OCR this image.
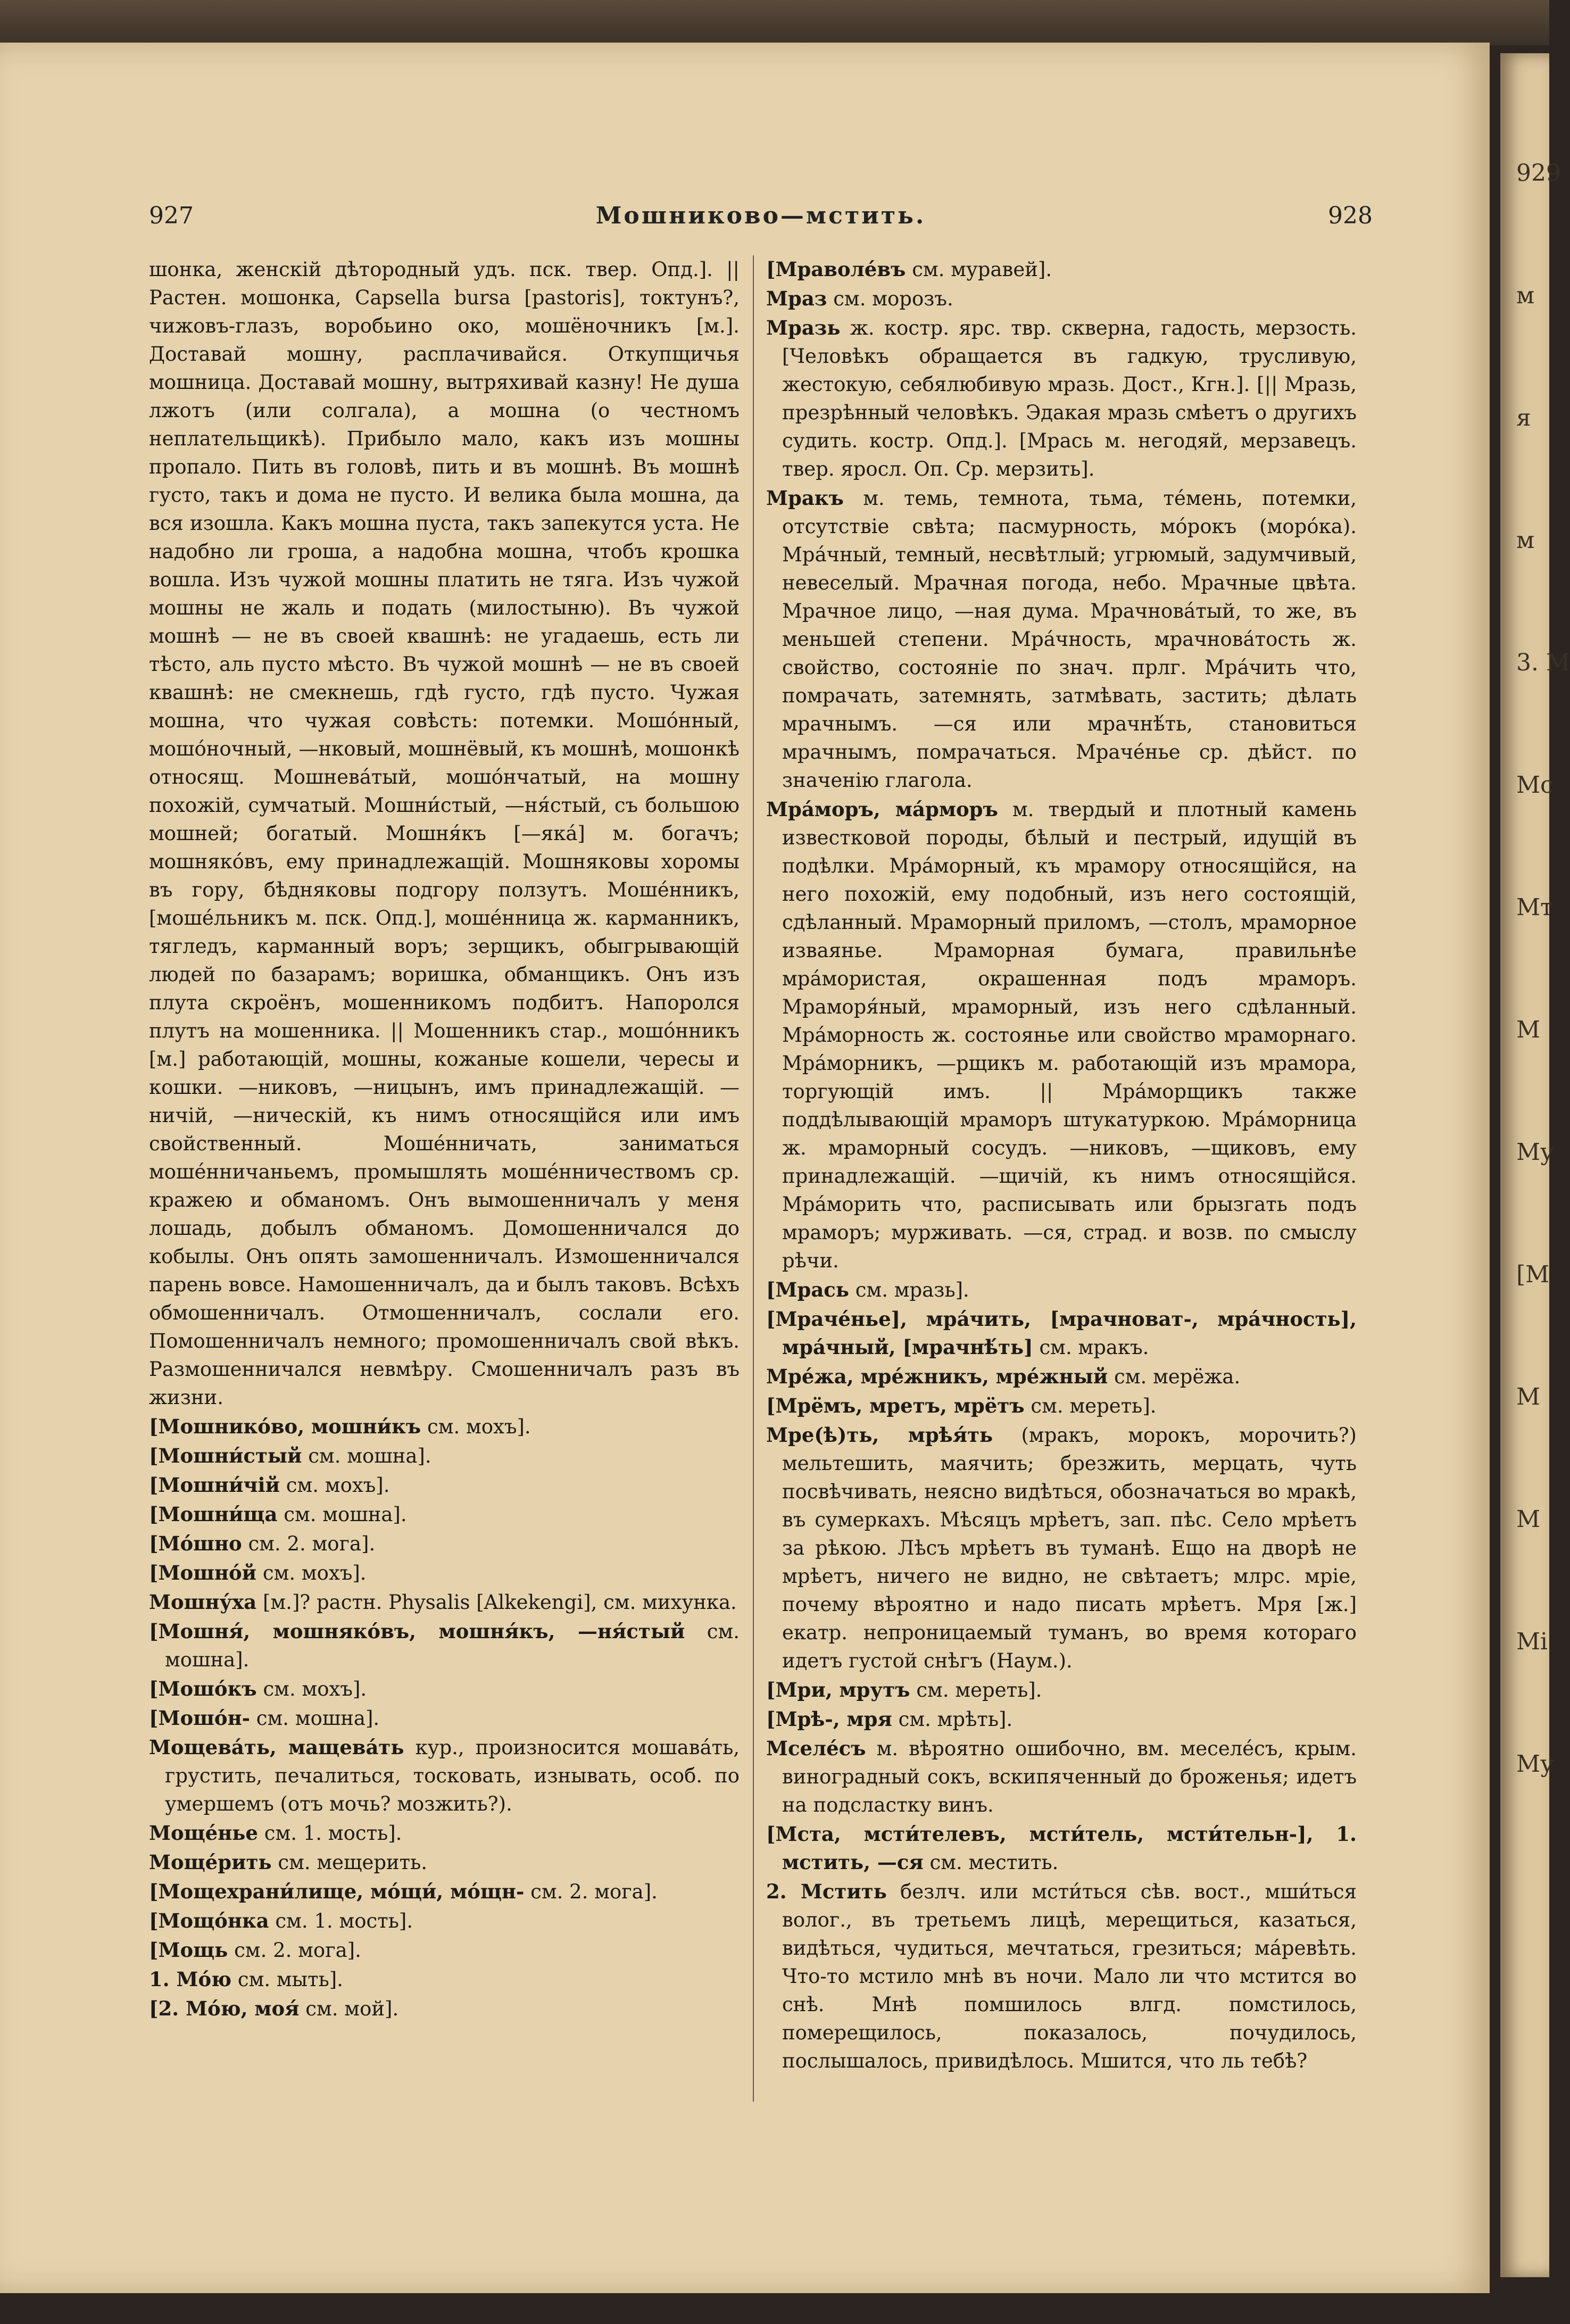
927	Мошниково—мстить.	928

шонка, женскій дѣтородный удъ. пск. твер. Опд.]. || Растен. мошонка, Capsella bursa [pastoris], токтунъ?, чижовъ-глазъ, воробьино око, мошёночникъ [м.]. Доставай мошну, расплачивайся. Откупщичья мошница. Доставай мошну, вытряхивай казну! Не душа лжотъ (или солгала), а мошна (о честномъ неплательщикѣ). Прибыло мало, какъ изъ мошны пропало. Пить въ головѣ, пить и въ мошнѣ. Въ мошнѣ густо, такъ и дома не пусто. И велика была мошна, да вся изошла. Какъ мошна пуста, такъ запекутся уста. Не надобно ли гроша, а надобна мошна, чтобъ крошка вошла. Изъ чужой мошны платить не тяга. Изъ чужой мошны не жаль и подать (милостыню). Въ чужой мошнѣ — не въ своей квашнѣ: не угадаешь, есть ли тѣсто, аль пусто мѣсто. Въ чужой мошнѣ — не въ своей квашнѣ: не смекнешь, гдѣ густо, гдѣ пусто. Чужая мошна, что чужая совѣсть: потемки. Мошо́нный, мошо́ночный, —нковый, мошнёвый, къ мошнѣ, мошонкѣ относящ. Мошнева́тый, мошо́нчатый, на мошну похожій, сумчатый. Мошни́стый, —ня́стый, съ большою мошней; богатый. Мошня́къ [—яка́] м. богачъ; мошняко́въ, ему принадлежащій. Мошняковы хоромы въ гору, бѣдняковы подгору ползутъ. Моше́нникъ, [моше́льникъ м. пск. Опд.], моше́нница ж. карманникъ, тягледъ, карманный воръ; зерщикъ, обыгрывающій людей по базарамъ; воришка, обманщикъ. Онъ изъ плута скроёнъ, мошенникомъ подбитъ. Напоролся плутъ на мошенника. || Мошенникъ стар., мошо́нникъ [м.] работающій, мошны, кожаные кошели, чересы и кошки. —никовъ, —ницынъ, имъ принадлежащій. —ничій, —ническій, къ нимъ относящійся или имъ свойственный. Моше́нничать, заниматься моше́нничаньемъ, промышлять моше́нничествомъ ср. кражею и обманомъ. Онъ вымошенничалъ у меня лошадь, добылъ обманомъ. Домошенничался до кобылы. Онъ опять замошенничалъ. Измошенничался парень вовсе. Намошенничалъ, да и былъ таковъ. Всѣхъ обмошенничалъ. Отмошенничалъ, сослали его. Помошенничалъ немного; промошенничалъ свой вѣкъ. Размошенничался невмѣру. Смошенничалъ разъ въ жизни.

[Мошнико́во, мошни́къ см. мохъ].

[Мошни́стый см. мошна].

[Мошни́чій см. мохъ].

[Мошни́ща см. мошна].

[Мо́шно см. 2. мога].

[Мошно́й см. мохъ].

Мошну́ха [м.]? растн. Physalis [Alkekengi], см. михунка.

[Мошня́, мошняко́въ, мошня́къ, —ня́стый см. мошна].

[Мошо́къ см. мохъ].

[Мошо́н- см. мошна].

Мощева́ть, мащева́ть кур., произносится мошава́ть, грустить, печалиться, тосковать, изнывать, особ. по умершемъ (отъ мочь? мозжить?).

Моще́нье см. 1. мость].

Моще́рить см. мещерить.

[Мощехрани́лище, мо́щи́, мо́щн- см. 2. мога].

[Мощо́нка см. 1. мость].

[Мощь см. 2. мога].

1. Мо́ю см. мыть].

[2. Мо́ю, моя́ см. мой].

[Мраволе́въ см. муравей].

Мраз см. морозъ.

Мразь ж. костр. ярс. твр. скверна, гадость, мерзость. [Человѣкъ обращается въ гадкую, трусливую, жестокую, себялюбивую мразь. Дост., Кгн.]. [|| Мразь, презрѣнный человѣкъ. Эдакая мразь смѣетъ о другихъ судить. костр. Опд.]. [Мрась м. негодяй, мерзавецъ. твер. яросл. Оп. Ср. мерзить].

Мракъ м. темь, темнота, тьма, те́мень, потемки, отсутствіе свѣта; пасмурность, мо́рокъ (моро́ка). Мра́чный, темный, несвѣтлый; угрюмый, задумчивый, невеселый. Мрачная погода, небо. Мрачные цвѣта. Мрачное лицо, —ная дума. Мрачнова́тый, то же, въ меньшей степени. Мра́чность, мрачнова́тость ж. свойство, состояніе по знач. прлг. Мра́чить что, помрачать, затемнять, затмѣвать, застить; дѣлать мрачнымъ. —ся или мрачнѣ́ть, становиться мрачнымъ, помрачаться. Мраче́нье ср. дѣйст. по значенію глагола.

Мра́моръ, ма́рморъ м. твердый и плотный камень известковой породы, бѣлый и пестрый, идущій въ подѣлки. Мра́морный, къ мрамору относящійся, на него похожій, ему подобный, изъ него состоящій, сдѣланный. Мраморный приломъ, —столъ, мраморное изваянье. Мраморная бумага, правильнѣе мра́мористая, окрашенная подъ мраморъ. Мраморя́ный, мраморный, изъ него сдѣланный. Мра́морность ж. состоянье или свойство мраморнаго. Мра́морникъ, —рщикъ м. работающій изъ мрамора, торгующій имъ. || Мра́морщикъ также поддѣлывающій мраморъ штукатуркою. Мра́морница ж. мраморный сосудъ. —никовъ, —щиковъ, ему принадлежащій. —щичій, къ нимъ относящійся. Мра́морить что, расписывать или брызгать подъ мраморъ; мурживать. —ся, страд. и возв. по смыслу рѣчи.

[Мрась см. мразь].

[Мраче́нье], мра́чить, [мрачноват-, мра́чность], мра́чный, [мрачнѣ́ть] см. мракъ.

Мре́жа, мре́жникъ, мре́жный см. мерёжа.

[Мрёмъ, мретъ, мрётъ см. мереть].

Мре(ѣ)ть, мрѣя́ть (мракъ, морокъ, морочить?) мельтешить, маячить; брезжить, мерцать, чуть посвѣчивать, неясно видѣться, обозначаться во мракѣ, въ сумеркахъ. Мѣсяцъ мрѣетъ, зап. пѣс. Село мрѣетъ за рѣкою. Лѣсъ мрѣетъ въ туманѣ. Ещо на дворѣ не мрѣетъ, ничего не видно, не свѣтаетъ; млрс. мріе, почему вѣроятно и надо писать мрѣетъ. Мря [ж.] екатр. непроницаемый туманъ, во время котораго идетъ густой снѣгъ (Наум.).

[Мри, мрутъ см. мереть].

[Мрѣ-, мря см. мрѣть].

Мселе́съ м. вѣроятно ошибочно, вм. меселе́съ, крым. виноградный сокъ, вскипяченный до броженья; идетъ на подсластку винъ.

[Мста, мсти́телевъ, мсти́тель, мсти́тельн-], 1. мстить, —ся см. местить.

2. Мстить безлч. или мсти́ться сѣв. вост., мши́ться волог., въ третьемъ лицѣ, мерещиться, казаться, видѣться, чудиться, мечтаться, грезиться; ма́ревѣть. Что-то мстило мнѣ въ ночи. Мало ли что мстится во снѣ. Мнѣ помшилось влгд. помстилось, померещилось, показалось, почудилось, послышалось, привидѣлось. Мшится, что ль тебѣ?

929
м
я
м
3. М
Мс
Мт
М
Му
[М
М
М
Мі
Му
